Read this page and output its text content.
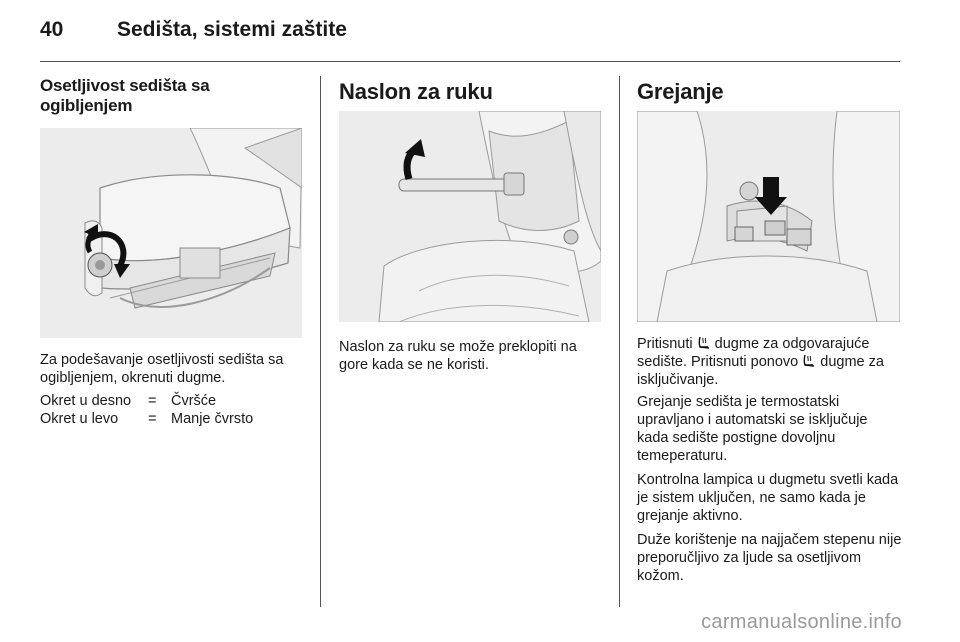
40	Sedišta, sistemi zaštite
Osetljivost sedišta sa
ogibljenjem

Za podešavanje osetljivosti sedišta sa ogibljenjem, okrenuti dugme.

Okret u desno	=	Čvršće
Okret u levo	=	Manje čvrsto
Naslon za ruku

Naslon za ruku se može preklopiti na gore kada se ne koristi.

Grejanje

Pritisnuti dugme za odgovarajuće sedište. Pritisnuti ponovo dugme za isključivanje.

Grejanje sedišta je termostatski upravljano i automatski se isključuje kada sedište postigne dovoljnu temeperaturu.

Kontrolna lampica u dugmetu svetli kada je sistem uključen, ne samo kada je grejanje aktivno.

Duže korištenje na najjačem stepenu nije preporučljivo za ljude sa osetljivom kožom.

carmanualsonline.info
